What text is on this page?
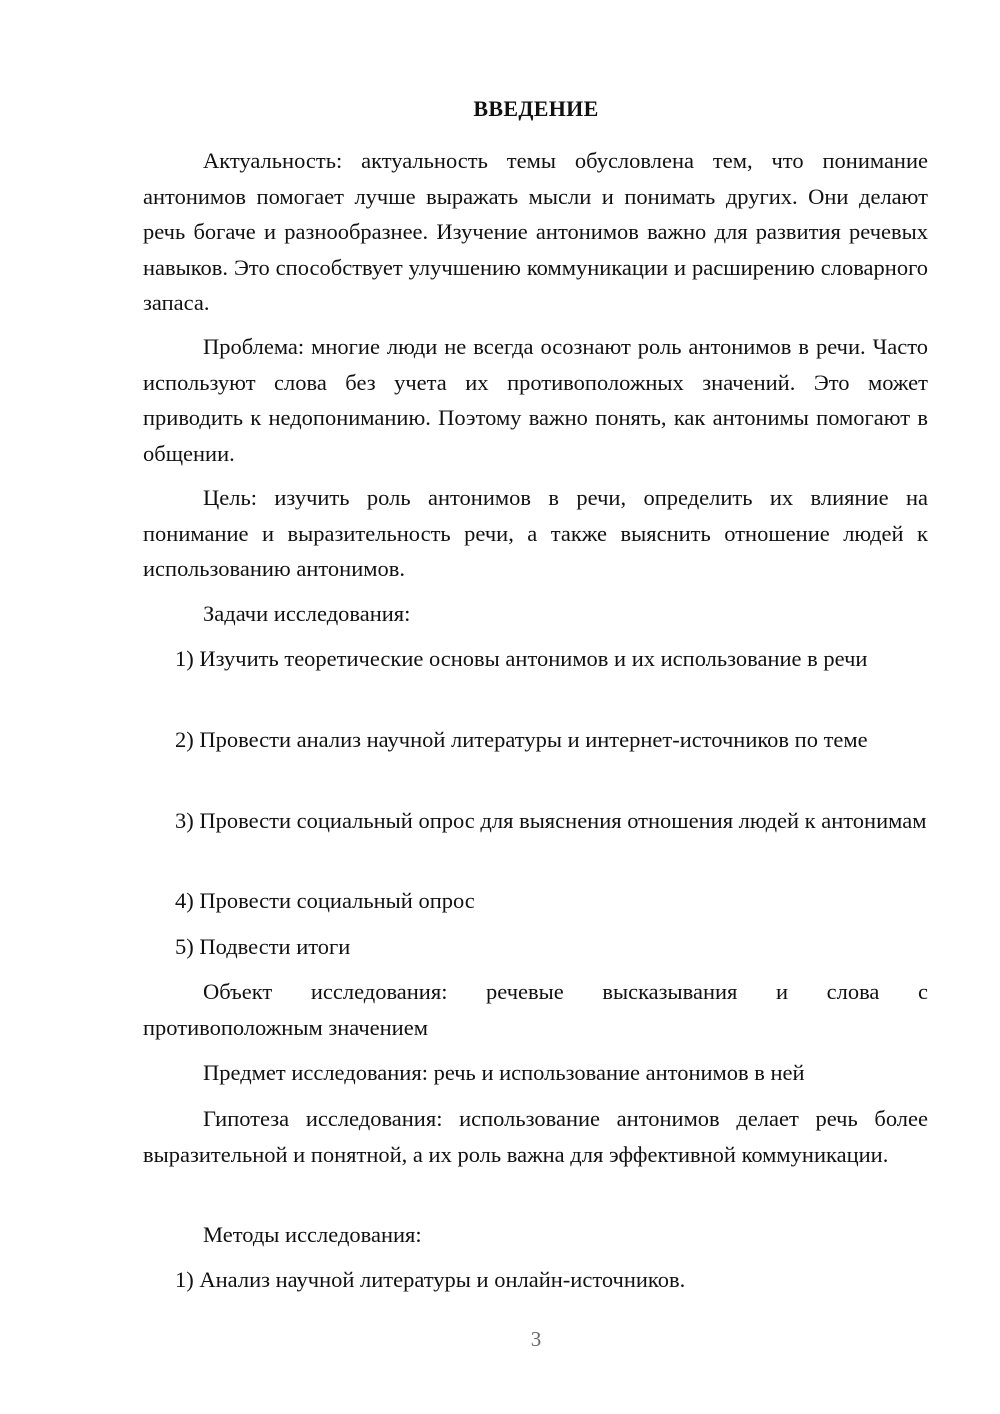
ВВЕДЕНИЕ
Актуальность: актуальность темы обусловлена тем, что понимание антонимов помогает лучше выражать мысли и понимать других. Они делают речь богаче и разнообразнее. Изучение антонимов важно для развития речевых навыков. Это способствует улучшению коммуникации и расширению словарного запаса.
Проблема: многие люди не всегда осознают роль антонимов в речи. Часто используют слова без учета их противоположных значений. Это может приводить к недопониманию. Поэтому важно понять, как антонимы помогают в общении.
Цель: изучить роль антонимов в речи, определить их влияние на понимание и выразительность речи, а также выяснить отношение людей к использованию антонимов.
Задачи исследования:
1) Изучить теоретические основы антонимов и их использование в речи
2) Провести анализ научной литературы и интернет-источников по теме
3) Провести социальный опрос для выяснения отношения людей к антонимам
4) Провести социальный опрос
5) Подвести итоги
Объект исследования: речевые высказывания и слова с
противоположным значением
Предмет исследования: речь и использование антонимов в ней
Гипотеза исследования: использование антонимов делает речь более выразительной и понятной, а их роль важна для эффективной коммуникации.
Методы исследования:
1) Анализ научной литературы и онлайн-источников.
3
